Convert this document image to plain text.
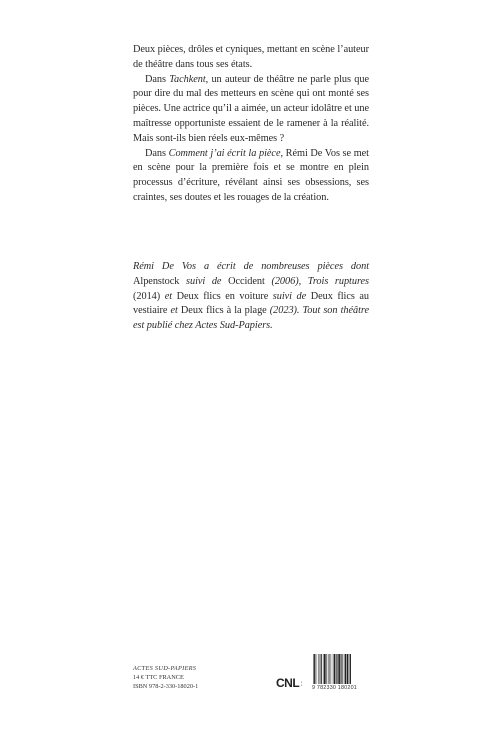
Deux pièces, drôles et cyniques, mettant en scène l’auteur de théâtre dans tous ses états.

Dans Tachkent, un auteur de théâtre ne parle plus que pour dire du mal des metteurs en scène qui ont monté ses pièces. Une actrice qu’il a aimée, un acteur idolâtre et une maîtresse opportuniste essaient de le ramener à la réalité. Mais sont-ils bien réels eux-mêmes ?

Dans Comment j’ai écrit la pièce, Rémi De Vos se met en scène pour la première fois et se montre en plein processus d’écriture, révélant ainsi ses obsessions, ses craintes, ses doutes et les rouages de la création.

Rémi De Vos a écrit de nombreuses pièces dont Alpenstock suivi de Occident (2006), Trois ruptures (2014) et Deux flics en voiture suivi de Deux flics au vestiaire et Deux flics à la plage (2023). Tout son théâtre est publié chez Actes Sud-Papiers.
ACTES SUD-PAPIERS
14 € TTC FRANCE
ISBN 978-2-330-18020-1	CNL ▪
▪
9 782330 180201
